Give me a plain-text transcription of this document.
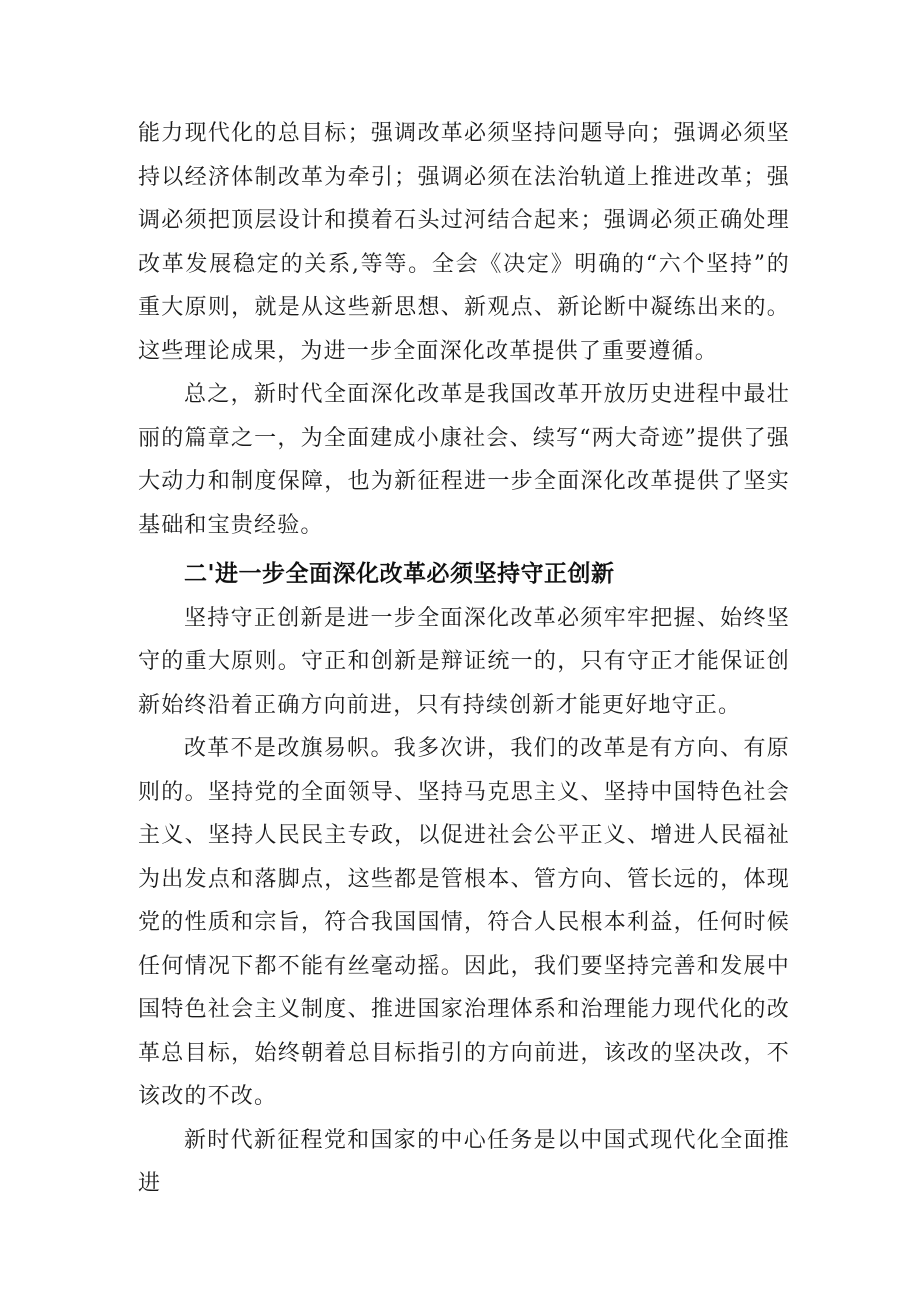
能力现代化的总目标；强调改革必须坚持问题导向；强调必须坚持以经济体制改革为牵引；强调必须在法治轨道上推进改革；强调必须把顶层设计和摸着石头过河结合起来；强调必须正确处理改革发展稳定的关系,等等。全会《决定》明确的“六个坚持”的重大原则，就是从这些新思想、新观点、新论断中凝练出来的。这些理论成果，为进一步全面深化改革提供了重要遵循。

总之，新时代全面深化改革是我国改革开放历史进程中最壮丽的篇章之一，为全面建成小康社会、续写“两大奇迹”提供了强大动力和制度保障，也为新征程进一步全面深化改革提供了坚实基础和宝贵经验。

二'进一步全面深化改革必须坚持守正创新

坚持守正创新是进一步全面深化改革必须牢牢把握、始终坚守的重大原则。守正和创新是辩证统一的，只有守正才能保证创新始终沿着正确方向前进，只有持续创新才能更好地守正。

改革不是改旗易帜。我多次讲，我们的改革是有方向、有原则的。坚持党的全面领导、坚持马克思主义、坚持中国特色社会主义、坚持人民民主专政，以促进社会公平正义、增进人民福祉为出发点和落脚点，这些都是管根本、管方向、管长远的，体现党的性质和宗旨，符合我国国情，符合人民根本利益，任何时候任何情况下都不能有丝毫动摇。因此，我们要坚持完善和发展中国特色社会主义制度、推进国家治理体系和治理能力现代化的改革总目标，始终朝着总目标指引的方向前进，该改的坚决改，不该改的不改。

新时代新征程党和国家的中心任务是以中国式现代化全面推进
